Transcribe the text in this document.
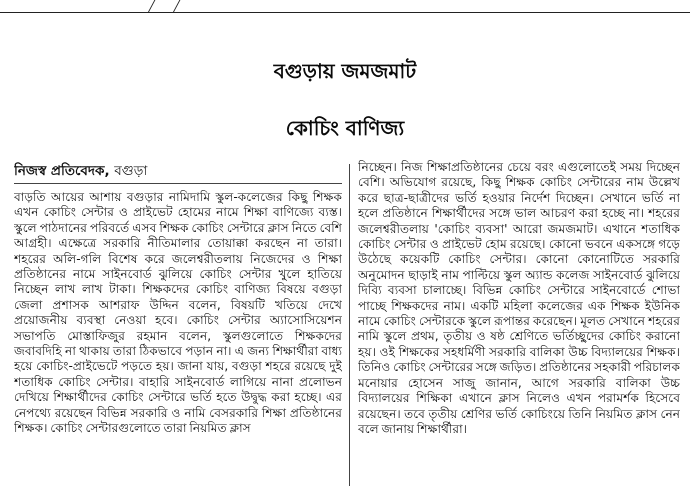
বগুড়ায় জমজমাট
কোচিং বাণিজ্য
নিজস্ব প্রতিবেদক, বগুড়া

বাড়তি আয়ের আশায় বগুড়ার নামিদামি স্কুল-কলেজের কিছু শিক্ষক এখন কোচিং সেন্টার ও প্রাইভেট হোমের নামে শিক্ষা বাণিজ্যে ব্যস্ত। স্কুলে পাঠদানের পরিবর্তে এসব শিক্ষক কোচিং সেন্টারে ক্লাস নিতে বেশি আগ্রহী। এক্ষেত্রে সরকারি নীতিমালার তোয়াক্কা করছেন না তারা। শহরের অলি-গলি বিশেষ করে জলেশ্বরীতলায় নিজেদের ও শিক্ষা প্রতিষ্ঠানের নামে সাইনবোর্ড ঝুলিয়ে কোচিং সেন্টার খুলে হাতিয়ে নিচ্ছেন লাখ লাখ টাকা। শিক্ষকদের কোচিং বাণিজ্য বিষয়ে বগুড়া জেলা প্রশাসক আশরাফ উদ্দিন বলেন, বিষয়টি খতিয়ে দেখে প্রয়োজনীয় ব্যবস্থা নেওয়া হবে। কোচিং সেন্টার অ্যাসোসিয়েশন সভাপতি মোস্তাফিজুর রহমান বলেন, স্কুলগুলোতে শিক্ষকদের জবাবদিহি না থাকায় তারা ঠিকভাবে পড়ান না। এ জন্য শিক্ষার্থীরা বাধ্য হয়ে কোচিং-প্রাইভেটে পড়তে হয়। জানা যায়, বগুড়া শহরে রয়েছে দুই শতাধিক কোচিং সেন্টার। বাহারি সাইনবোর্ড লাগিয়ে নানা প্রলোভন দেখিয়ে শিক্ষার্থীদের কোচিং সেন্টারে ভর্তি হতে উদ্বুদ্ধ করা হচ্ছে। এর নেপথ্যে রয়েছেন বিভিন্ন সরকারি ও নামি বেসরকারি শিক্ষা প্রতিষ্ঠানের শিক্ষক। কোচিং সেন্টারগুলোতে তারা নিয়মিত ক্লাস

নিচ্ছেন। নিজ শিক্ষাপ্রতিষ্ঠানের চেয়ে বরং এগুলোতেই সময় দিচ্ছেন বেশি। অভিযোগ রয়েছে, কিছু শিক্ষক কোচিং সেন্টারের নাম উল্লেখ করে ছাত্র-ছাত্রীদের ভর্তি হওয়ার নির্দেশ দিচ্ছেন। সেখানে ভর্তি না হলে প্রতিষ্ঠানে শিক্ষার্থীদের সঙ্গে ভাল আচরণ করা হচ্ছে না। শহরের জলেশ্বরীতলায় 'কোচিং ব্যবসা' আরো জমজমাট। এখানে শতাধিক কোচিং সেন্টার ও প্রাইভেট হোম রয়েছে। কোনো ভবনে একসঙ্গে গড়ে উঠেছে কয়েকটি কোচিং সেন্টার। কোনো কোনোটিতে সরকারি অনুমোদন ছাড়াই নাম পাল্টিয়ে স্কুল অ্যান্ড কলেজ সাইনবোর্ড ঝুলিয়ে দিব্যি ব্যবসা চালাচ্ছে। বিভিন্ন কোচিং সেন্টারে সাইনবোর্ডে শোভা পাচ্ছে শিক্ষকদের নাম। একটি মহিলা কলেজের এক শিক্ষক ইউনিক নামে কোচিং সেন্টারকে স্কুলে রূপান্তর করেছেন। মূলত সেখানে শহরের নামি স্কুলে প্রথম, তৃতীয় ও ষষ্ঠ শ্রেণিতে ভর্তিচ্ছুদের কোচিং করানো হয়। ওই শিক্ষকের সহধর্মিণী সরকারি বালিকা উচ্চ বিদ্যালয়ের শিক্ষক। তিনিও কোচিং সেন্টারের সঙ্গে জড়িত। প্রতিষ্ঠানের সহকারী পরিচালক মনোয়ার হোসেন সাজু জানান, আগে সরকারি বালিকা উচ্চ বিদ্যালয়ের শিক্ষিকা এখানে ক্লাস নিলেও এখন পরামর্শক হিসেবে রয়েছেন। তবে তৃতীয় শ্রেণির ভর্তি কোচিংয়ে তিনি নিয়মিত ক্লাস নেন বলে জানায় শিক্ষার্থীরা।
